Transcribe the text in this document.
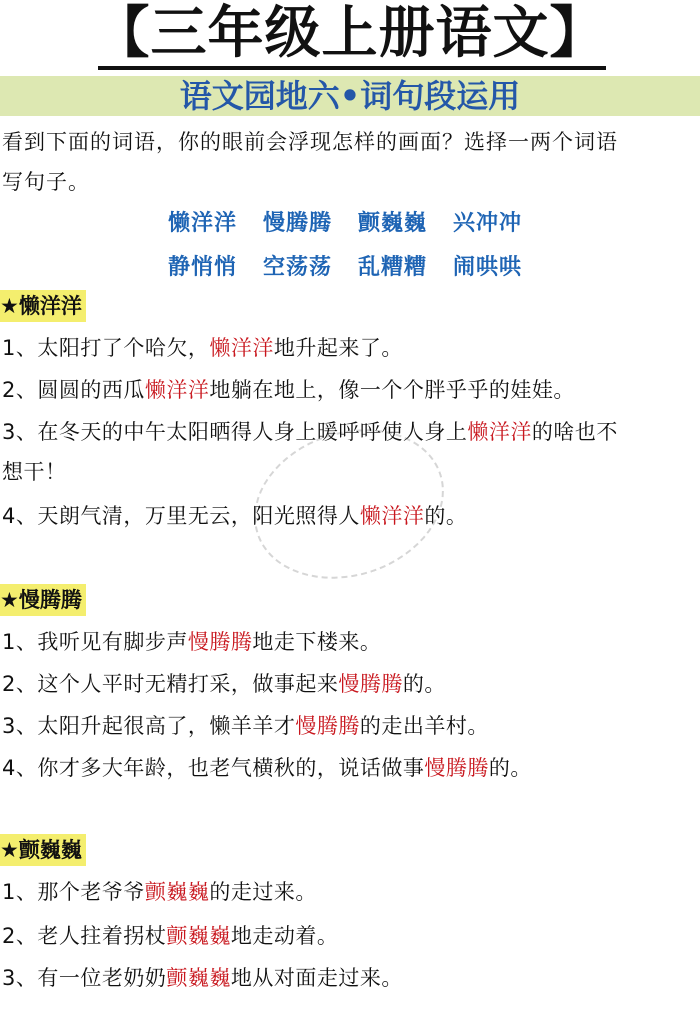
【三年级上册语文】
语文园地六•词句段运用
看到下面的词语，你的眼前会浮现怎样的画面？选择一两个词语
写句子。
懒洋洋 慢腾腾 颤巍巍 兴冲冲
静悄悄 空荡荡 乱糟糟 闹哄哄
★懒洋洋
1、太阳打了个哈欠，懒洋洋地升起来了。
2、圆圆的西瓜懒洋洋地躺在地上，像一个个胖乎乎的娃娃。
3、在冬天的中午太阳晒得人身上暖呼呼使人身上懒洋洋的啥也不
想干！
4、天朗气清，万里无云，阳光照得人懒洋洋的。
★慢腾腾
1、我听见有脚步声慢腾腾地走下楼来。
2、这个人平时无精打采，做事起来慢腾腾的。
3、太阳升起很高了，懒羊羊才慢腾腾的走出羊村。
4、你才多大年龄，也老气横秋的，说话做事慢腾腾的。
★颤巍巍
1、那个老爷爷颤巍巍的走过来。
2、老人拄着拐杖颤巍巍地走动着。
3、有一位老奶奶颤巍巍地从对面走过来。
